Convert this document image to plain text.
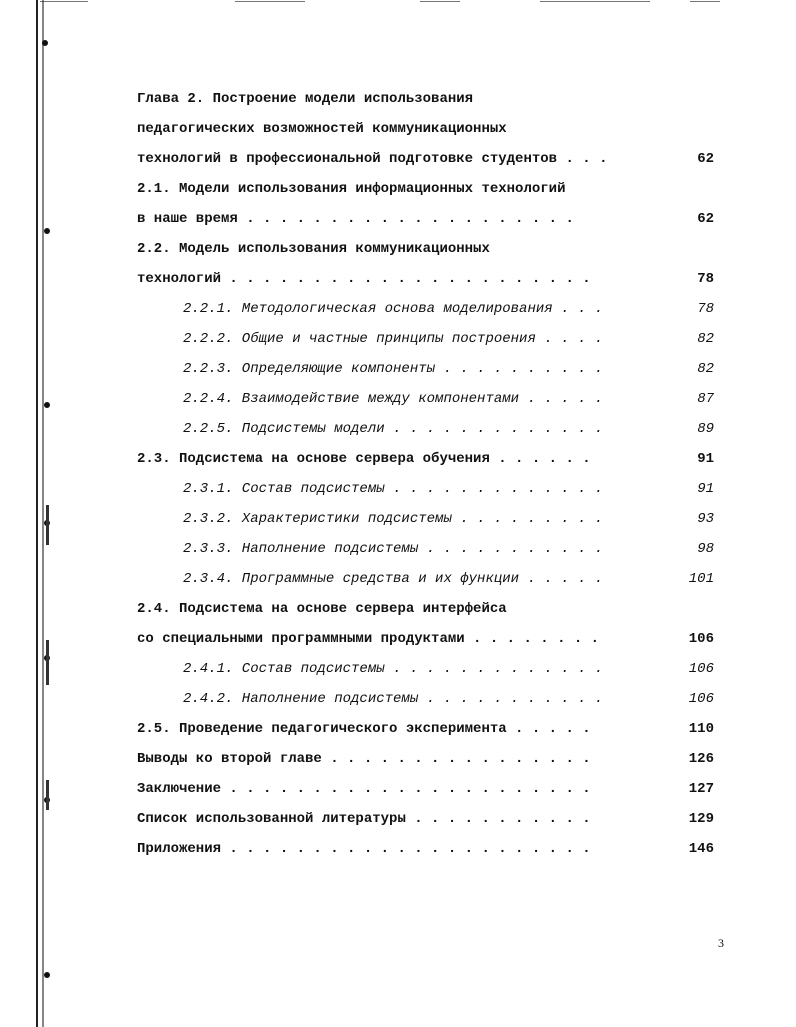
Глава 2. Построение модели использования
педагогических возможностей коммуникационных
технологий в профессиональной подготовке студентов . . .	62
2.1. Модели использования информационных технологий
в наше время . . . . . . . . . . . . . . . . . . . .	62
2.2. Модель использования коммуникационных
технологий . . . . . . . . . . . . . . . . . . . . . .	78
2.2.1. Методологическая основа моделирования . . .	78
2.2.2. Общие и частные принципы построения . . . .	82
2.2.3. Определяющие компоненты . . . . . . . . . .	82
2.2.4. Взаимодействие между компонентами . . . . .	87
2.2.5. Подсистемы модели . . . . . . . . . . . . .	89
2.3. Подсистема на основе сервера обучения . . . . . .	91
2.3.1. Состав подсистемы . . . . . . . . . . . . .	91
2.3.2. Характеристики подсистемы . . . . . . . . .	93
2.3.3. Наполнение подсистемы . . . . . . . . . . .	98
2.3.4. Программные средства и их функции . . . . .	101
2.4. Подсистема на основе сервера интерфейса
со специальными программными продуктами . . . . . . . .	106
2.4.1. Состав подсистемы . . . . . . . . . . . . .	106
2.4.2. Наполнение подсистемы . . . . . . . . . . .	106
2.5. Проведение педагогического эксперимента . . . . .	110
Выводы ко второй главе . . . . . . . . . . . . . . . .	126
Заключение . . . . . . . . . . . . . . . . . . . . . .	127
Список использованной литературы . . . . . . . . . . .	129
Приложения . . . . . . . . . . . . . . . . . . . . . .	146
3
